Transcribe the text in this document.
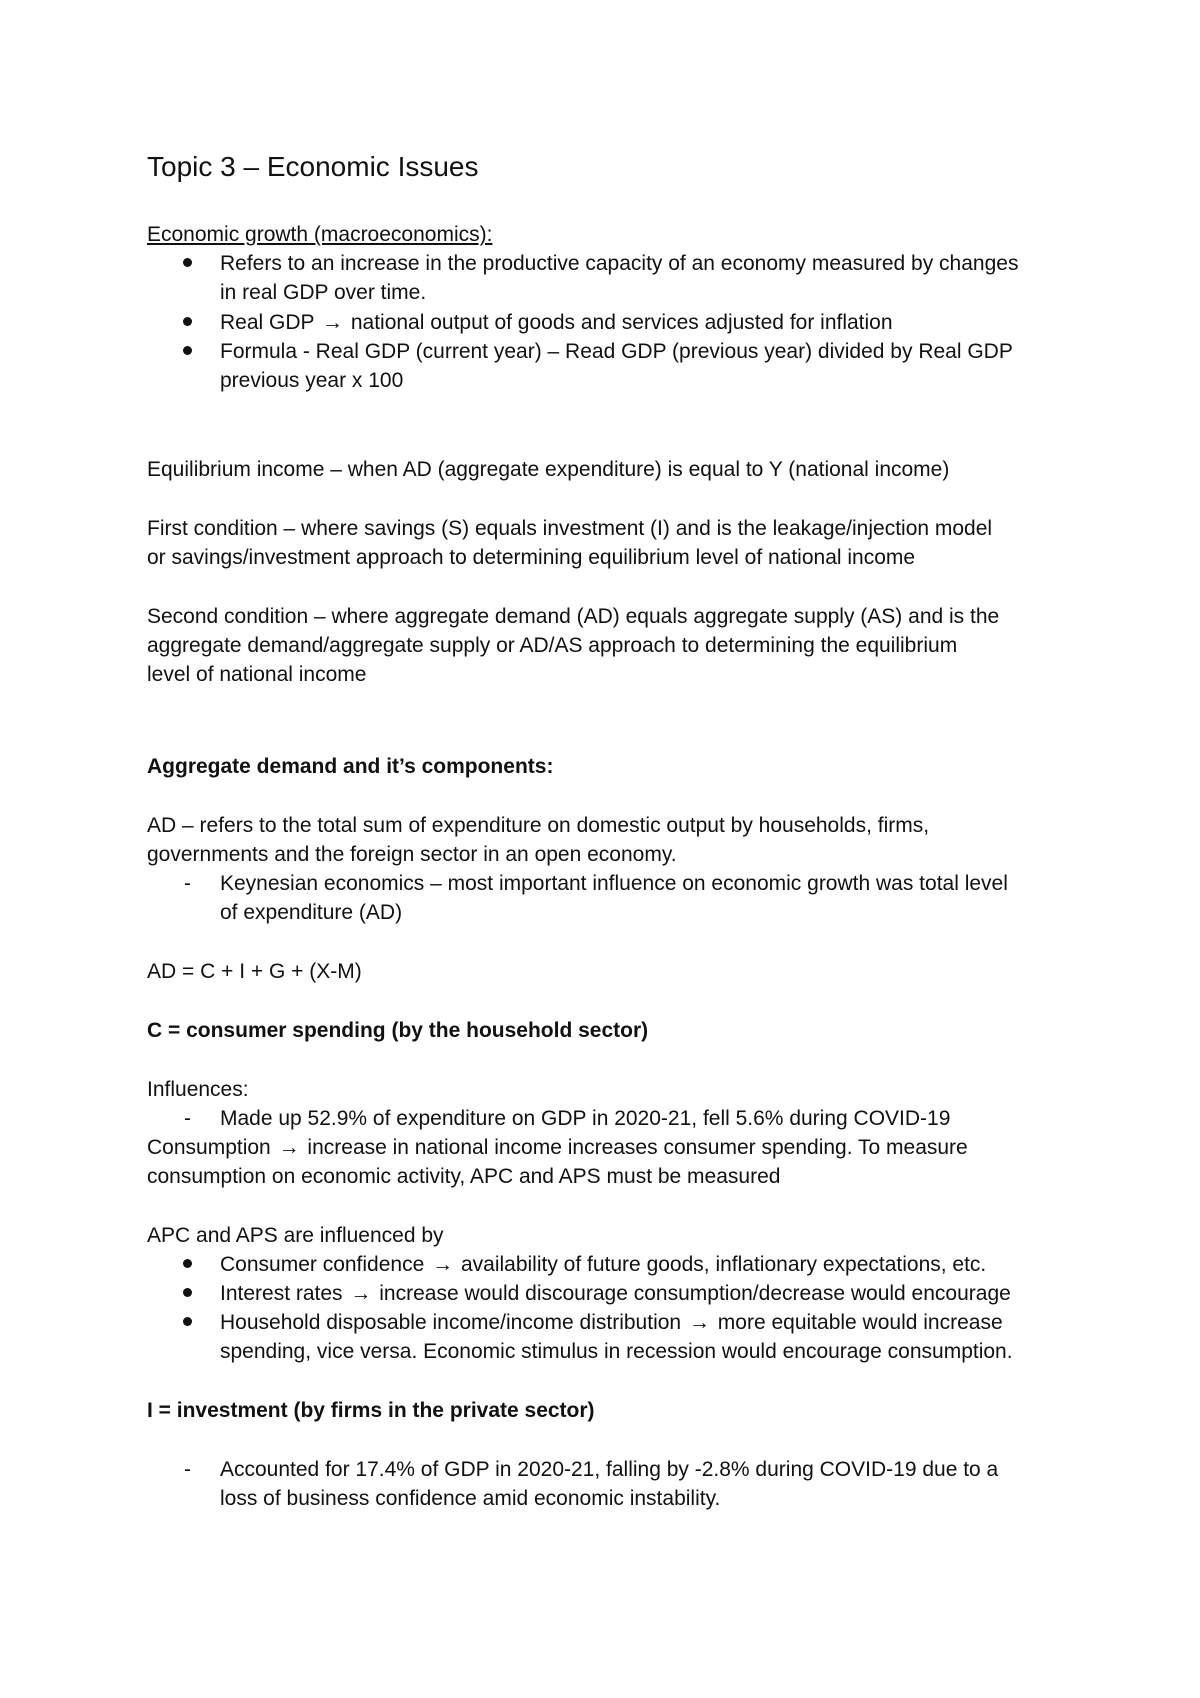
Topic 3 – Economic Issues
Economic growth (macroeconomics):
Refers to an increase in the productive capacity of an economy measured by changes
in real GDP over time.
Real GDP → national output of goods and services adjusted for inflation
Formula - Real GDP (current year) – Read GDP (previous year) divided by Real GDP
previous year x 100
Equilibrium income – when AD (aggregate expenditure) is equal to Y (national income)
First condition – where savings (S) equals investment (I) and is the leakage/injection model
or savings/investment approach to determining equilibrium level of national income
Second condition – where aggregate demand (AD) equals aggregate supply (AS) and is the
aggregate demand/aggregate supply or AD/AS approach to determining the equilibrium
level of national income
Aggregate demand and it’s components:
AD – refers to the total sum of expenditure on domestic output by households, firms,
governments and the foreign sector in an open economy.
- Keynesian economics – most important influence on economic growth was total level
of expenditure (AD)
AD = C + I + G + (X-M)
C = consumer spending (by the household sector)
Influences:
- Made up 52.9% of expenditure on GDP in 2020-21, fell 5.6% during COVID-19
Consumption → increase in national income increases consumer spending. To measure
consumption on economic activity, APC and APS must be measured
APC and APS are influenced by
Consumer confidence → availability of future goods, inflationary expectations, etc.
Interest rates → increase would discourage consumption/decrease would encourage
Household disposable income/income distribution → more equitable would increase
spending, vice versa. Economic stimulus in recession would encourage consumption.
I = investment (by firms in the private sector)
- Accounted for 17.4% of GDP in 2020-21, falling by -2.8% during COVID-19 due to a
loss of business confidence amid economic instability.
